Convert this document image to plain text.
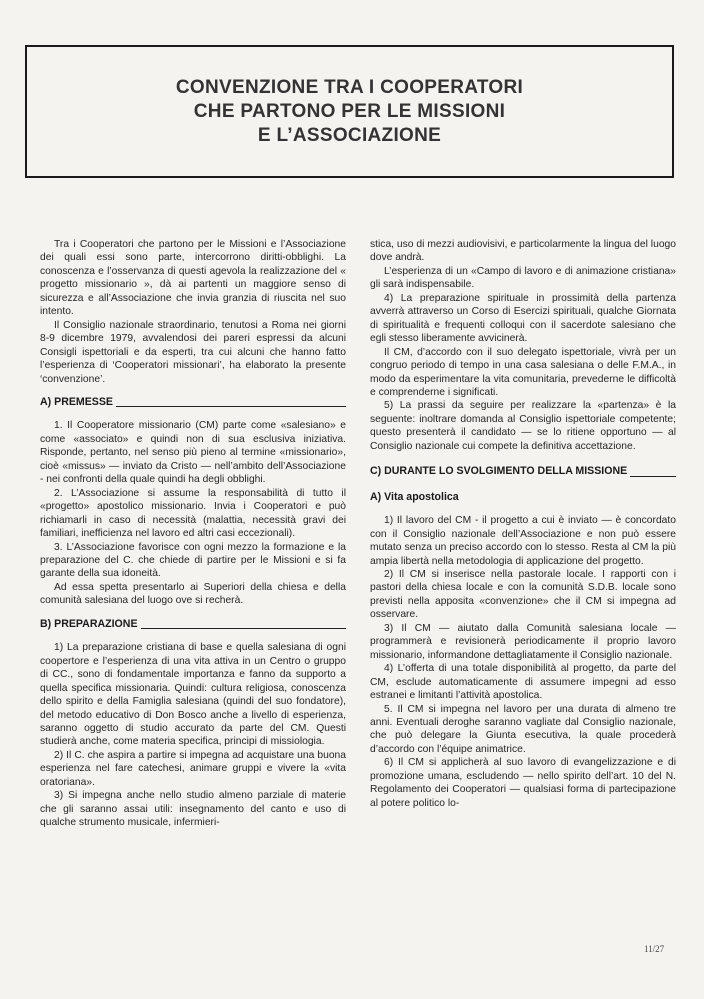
CONVENZIONE TRA I COOPERATORI
CHE PARTONO PER LE MISSIONI
E L’ASSOCIAZIONE

Tra i Cooperatori che partono per le Missioni e l’Associazione dei quali essi sono parte, intercorrono diritti-obblighi. La conoscenza e l’osservanza di questi agevola la realizzazione del « progetto missionario », dà ai partenti un maggiore senso di sicurezza e all’Associazione che invia granzia di riuscita nel suo intento.

Il Consiglio nazionale straordinario, tenutosi a Roma nei giorni 8-9 dicembre 1979, avvalendosi dei pareri espressi da alcuni Consigli ispettoriali e da esperti, tra cui alcuni che hanno fatto l’esperienza di ‘Cooperatori missionari’, ha elaborato la presente ‘convenzione’.

A) PREMESSE

1. Il Cooperatore missionario (CM) parte come «salesiano» e come «associato» e quindi non di sua esclusiva iniziativa. Risponde, pertanto, nel senso più pieno al termine «missionario», cioè «missus» — inviato da Cristo — nell’ambito dell’Associazione - nei confronti della quale quindi ha degli obblighi.

2. L’Associazione si assume la responsabilità di tutto il «progetto» apostolico missionario. Invia i Cooperatori e può richiamarli in caso di necessità (malattia, necessità gravi dei familiari, inefficienza nel lavoro ed altri casi eccezionali).

3. L’Associazione favorisce con ogni mezzo la formazione e la preparazione del C. che chiede di partire per le Missioni e si fa garante della sua idoneità.

Ad essa spetta presentarlo ai Superiori della chiesa e della comunità salesiana del luogo ove si recherà.

B) PREPARAZIONE

1) La preparazione cristiana di base e quella salesiana di ogni coopertore e l’esperienza di una vita attiva in un Centro o gruppo di CC., sono di fondamentale importanza e fanno da supporto a quella specifica missionaria. Quindi: cultura religiosa, conoscenza dello spirito e della Famiglia salesiana (quindi del suo fondatore), del metodo educativo di Don Bosco anche a livello di esperienza, saranno oggetto di studio accurato da parte del CM. Questi studierà anche, come materia specifica, principi di missiologia.

2) Il C. che aspira a partire si impegna ad acquistare una buona esperienza nel fare catechesi, animare gruppi e vivere la «vita oratoriana».

3) Si impegna anche nello studio almeno parziale di materie che gli saranno assai utili: insegnamento del canto e uso di qualche strumento musicale, infermieri-

stica, uso di mezzi audiovisivi, e particolarmente la lingua del luogo dove andrà.

L’esperienza di un «Campo di lavoro e di animazione cristiana» gli sarà indispensabile.

4) La preparazione spirituale in prossimità della partenza avverrà attraverso un Corso di Esercizi spirituali, qualche Giornata di spiritualità e frequenti colloqui con il sacerdote salesiano che egli stesso liberamente avvicinerà.

Il CM, d’accordo con il suo delegato ispettoriale, vivrà per un congruo periodo di tempo in una casa salesiana o delle F.M.A., in modo da esperimentare la vita comunitaria, prevederne le difficoltà e comprenderne i significati.

5) La prassi da seguire per realizzare la «partenza» è la seguente: inoltrare domanda al Consiglio ispettoriale competente; questo presenterà il candidato — se lo ritiene opportuno — al Consiglio nazionale cui compete la definitiva accettazione.

C) DURANTE LO SVOLGIMENTO DELLA MISSIONE
A) Vita apostolica

1) Il lavoro del CM - il progetto a cui è inviato — è concordato con il Consiglio nazionale dell’Associazione e non può essere mutato senza un preciso accordo con lo stesso. Resta al CM la più ampia libertà nella metodologia di applicazione del progetto.

2) Il CM si inserisce nella pastorale locale. I rapporti con i pastori della chiesa locale e con la comunità S.D.B. locale sono previsti nella apposita «convenzione» che il CM si impegna ad osservare.

3) Il CM — aiutato dalla Comunità salesiana locale — programmerà e revisionerà periodicamente il proprio lavoro missionario, informandone dettagliatamente il Consiglio nazionale.

4) L’offerta di una totale disponibilità al progetto, da parte del CM, esclude automaticamente di assumere impegni ad esso estranei e limitanti l’attività apostolica.

5. Il CM si impegna nel lavoro per una durata di almeno tre anni. Eventuali deroghe saranno vagliate dal Consiglio nazionale, che può delegare la Giunta esecutiva, la quale procederà d’accordo con l’équipe animatrice.

6) Il CM si applicherà al suo lavoro di evangelizzazione e di promozione umana, escludendo — nello spirito dell’art. 10 del N. Regolamento dei Cooperatori — qualsiasi forma di partecipazione al potere politico lo-

11/27
